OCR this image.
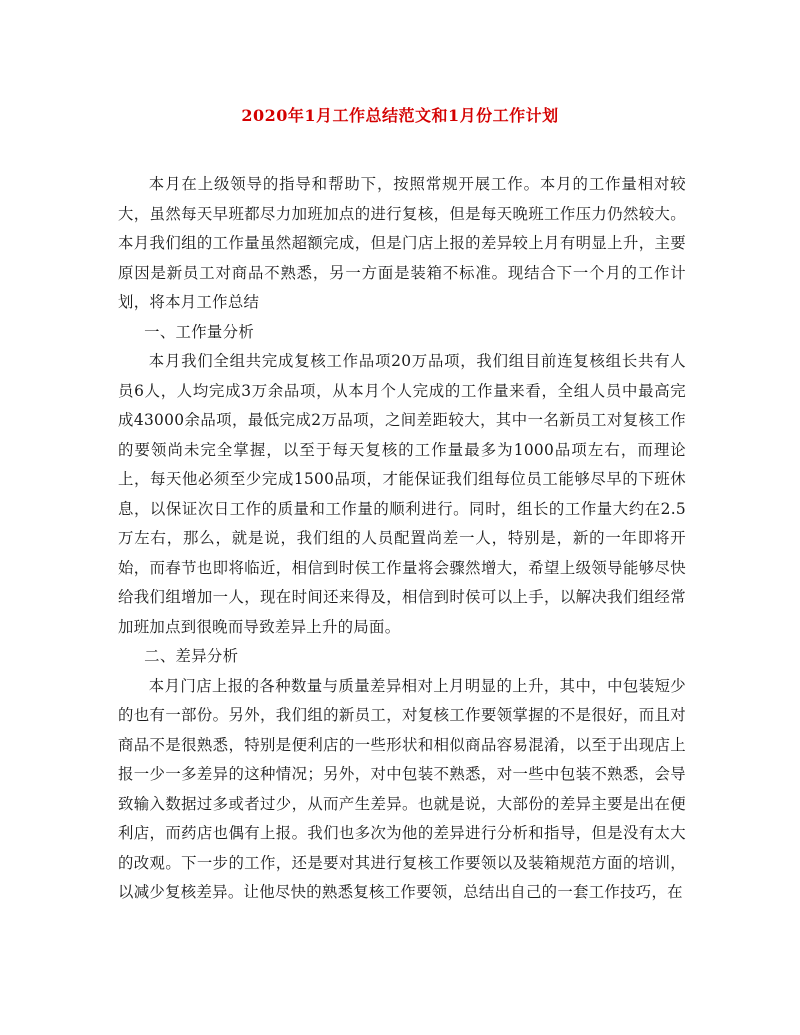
2020年1月工作总结范文和1月份工作计划

本月在上级领导的指导和帮助下，按照常规开展工作。本月的工作量相对较大，虽然每天早班都尽力加班加点的进行复核，但是每天晚班工作压力仍然较大。本月我们组的工作量虽然超额完成，但是门店上报的差异较上月有明显上升，主要原因是新员工对商品不熟悉，另一方面是装箱不标准。现结合下一个月的工作计划，将本月工作总结

一、工作量分析

本月我们全组共完成复核工作品项20万品项，我们组目前连复核组长共有人员6人，人均完成3万余品项，从本月个人完成的工作量来看，全组人员中最高完成43000余品项，最低完成2万品项，之间差距较大，其中一名新员工对复核工作的要领尚未完全掌握，以至于每天复核的工作量最多为1000品项左右，而理论上，每天他必须至少完成1500品项，才能保证我们组每位员工能够尽早的下班休息，以保证次日工作的质量和工作量的顺利进行。同时，组长的工作量大约在2.5万左右，那么，就是说，我们组的人员配置尚差一人，特别是，新的一年即将开始，而春节也即将临近，相信到时侯工作量将会骤然增大，希望上级领导能够尽快给我们组增加一人，现在时间还来得及，相信到时侯可以上手，以解决我们组经常加班加点到很晚而导致差异上升的局面。

二、差异分析

本月门店上报的各种数量与质量差异相对上月明显的上升，其中，中包装短少的也有一部份。另外，我们组的新员工，对复核工作要领掌握的不是很好，而且对商品不是很熟悉，特别是便利店的一些形状和相似商品容易混淆，以至于出现店上报一少一多差异的这种情况；另外，对中包装不熟悉，对一些中包装不熟悉，会导致输入数据过多或者过少，从而产生差异。也就是说，大部份的差异主要是出在便利店，而药店也偶有上报。我们也多次为他的差异进行分析和指导，但是没有太大的改观。下一步的工作，还是要对其进行复核工作要领以及装箱规范方面的培训，以减少复核差异。让他尽快的熟悉复核工作要领，总结出自己的一套工作技巧，在
